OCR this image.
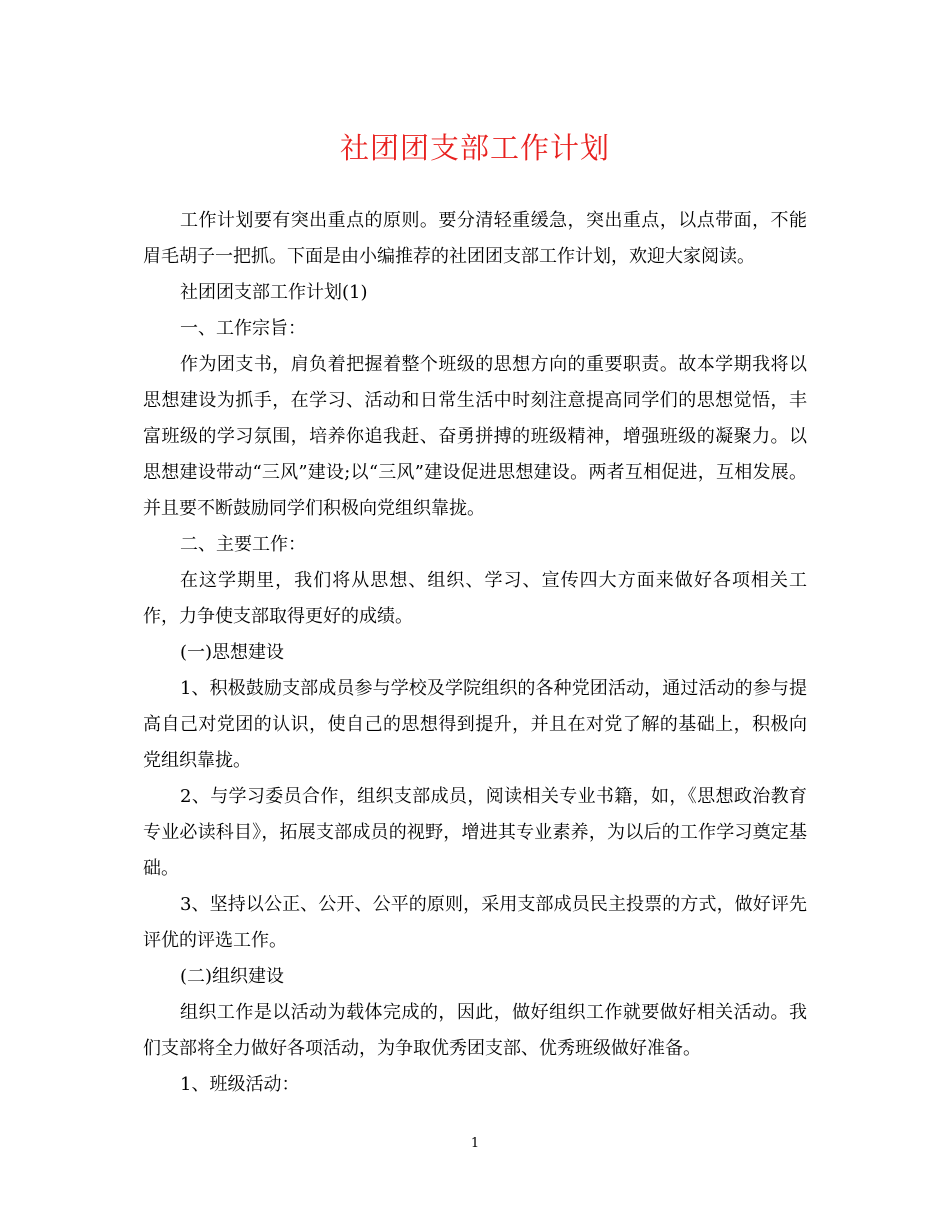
社团团支部工作计划

工作计划要有突出重点的原则。要分清轻重缓急，突出重点，以点带面，不能眉毛胡子一把抓。下面是由小编推荐的社团团支部工作计划，欢迎大家阅读。

社团团支部工作计划(1)

一、工作宗旨：

作为团支书，肩负着把握着整个班级的思想方向的重要职责。故本学期我将以思想建设为抓手，在学习、活动和日常生活中时刻注意提高同学们的思想觉悟，丰富班级的学习氛围，培养你追我赶、奋勇拼搏的班级精神，增强班级的凝聚力。以思想建设带动“三风”建设;以“三风”建设促进思想建设。两者互相促进，互相发展。并且要不断鼓励同学们积极向党组织靠拢。

二、主要工作：

在这学期里，我们将从思想、组织、学习、宣传四大方面来做好各项相关工作，力争使支部取得更好的成绩。

(一)思想建设

1、积极鼓励支部成员参与学校及学院组织的各种党团活动，通过活动的参与提高自己对党团的认识，使自己的思想得到提升，并且在对党了解的基础上，积极向党组织靠拢。

2、与学习委员合作，组织支部成员，阅读相关专业书籍，如，《思想政治教育专业必读科目》，拓展支部成员的视野，增进其专业素养，为以后的工作学习奠定基础。

3、坚持以公正、公开、公平的原则，采用支部成员民主投票的方式，做好评先评优的评选工作。

(二)组织建设

组织工作是以活动为载体完成的，因此，做好组织工作就要做好相关活动。我们支部将全力做好各项活动，为争取优秀团支部、优秀班级做好准备。

1、班级活动：

1
